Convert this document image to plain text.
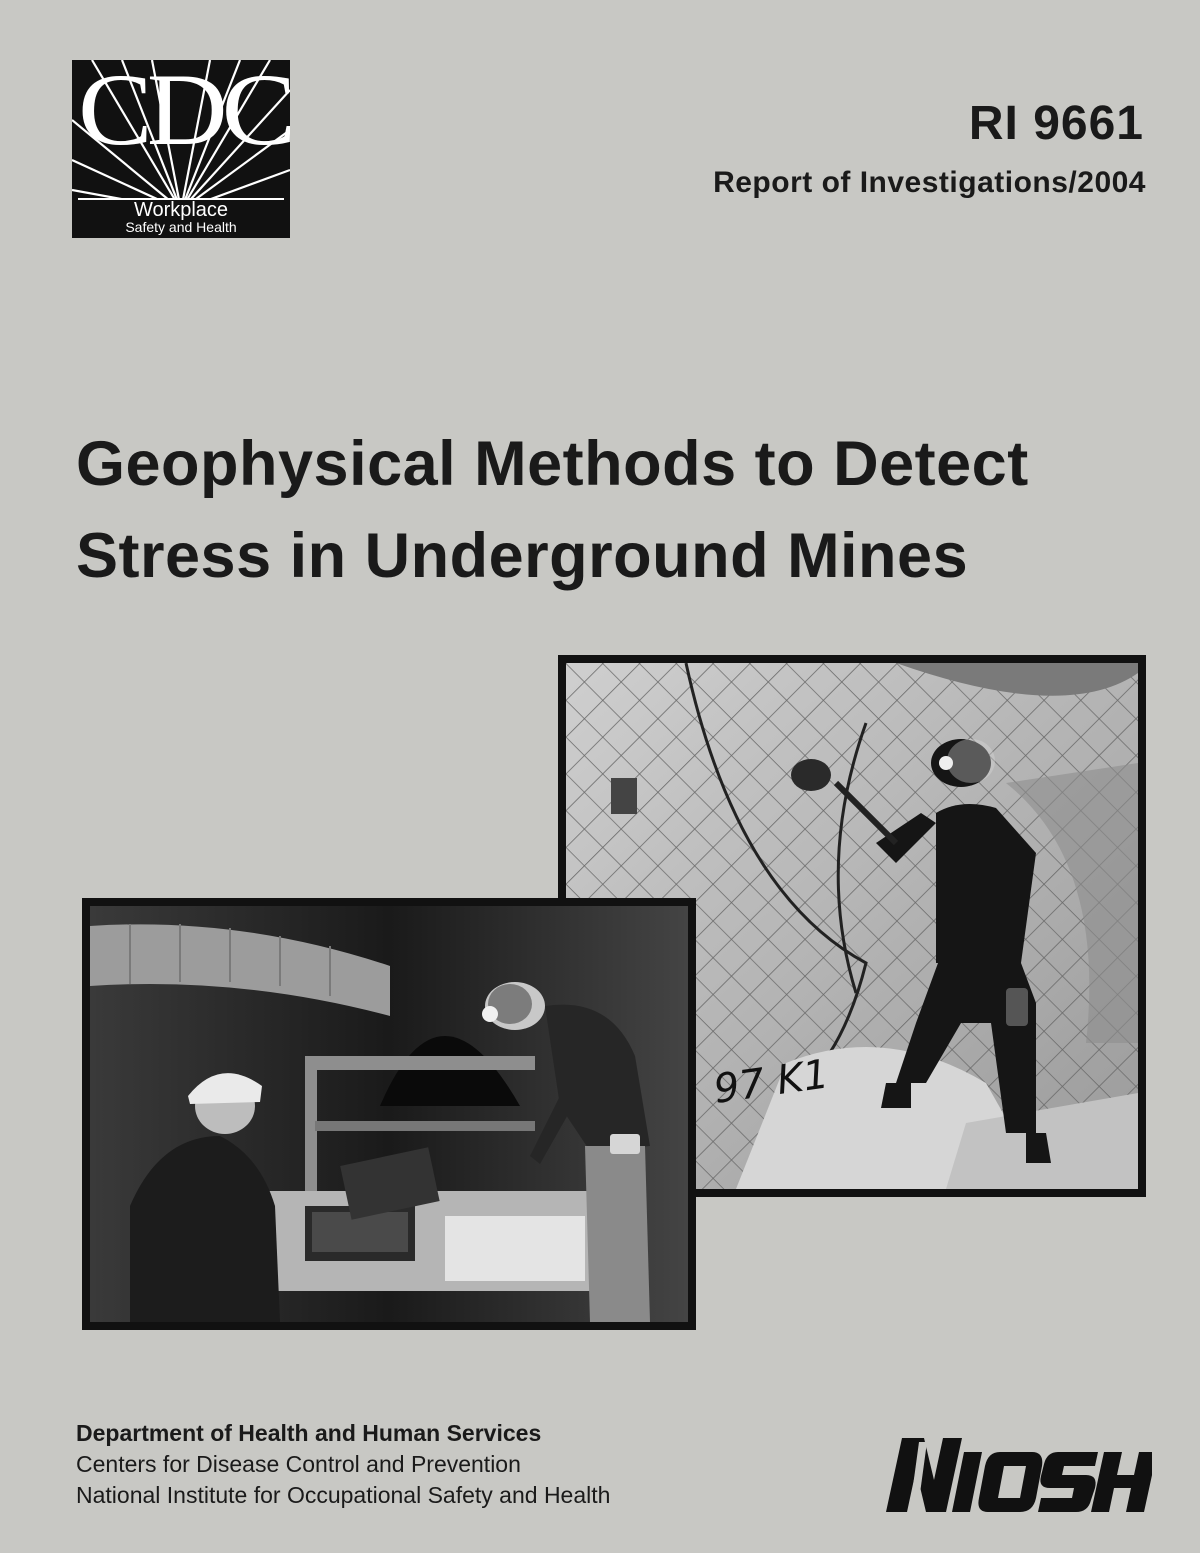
CDC
Workplace
Safety and Health
RI 9661
Report of Investigations/2004
Geophysical Methods to Detect
Stress in Underground Mines
97 K1
Department of Health and Human Services
Centers for Disease Control and Prevention
National Institute for Occupational Safety and Health
